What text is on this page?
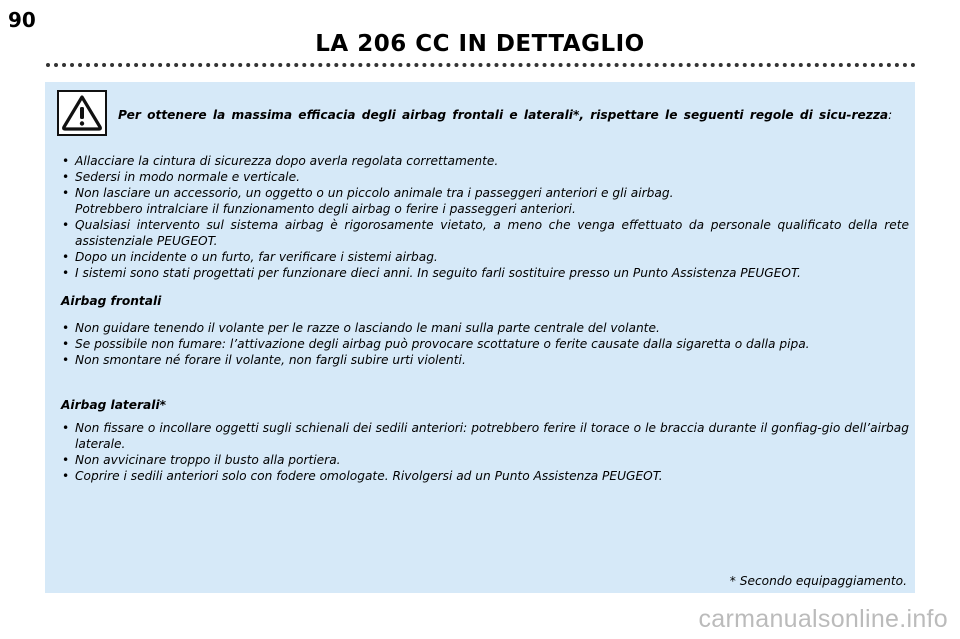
90
LA 206 CC IN DETTAGLIO
Per ottenere la massima efficacia degli airbag frontali e laterali*, rispettare le seguenti regole di sicu-rezza:
• Allacciare la cintura di sicurezza dopo averla regolata correttamente.
• Sedersi in modo normale e verticale.
• Non lasciare un accessorio, un oggetto o un piccolo animale tra i passeggeri anteriori e gli airbag.
Potrebbero intralciare il funzionamento degli airbag o ferire i passeggeri anteriori.
• Qualsiasi intervento sul sistema airbag è rigorosamente vietato, a meno che venga effettuato da personale qualificato della rete assistenziale PEUGEOT.
• Dopo un incidente o un furto, far verificare i sistemi airbag.
• I sistemi sono stati progettati per funzionare dieci anni. In seguito farli sostituire presso un Punto Assistenza PEUGEOT.
Airbag frontali
• Non guidare tenendo il volante per le razze o lasciando le mani sulla parte centrale del volante.
• Se possibile non fumare: l’attivazione degli airbag può provocare scottature o ferite causate dalla sigaretta o dalla pipa.
• Non smontare né forare il volante, non fargli subire urti violenti.
Airbag laterali*
• Non fissare o incollare oggetti sugli schienali dei sedili anteriori: potrebbero ferire il torace o le braccia durante il gonfiag-gio dell’airbag laterale.
• Non avvicinare troppo il busto alla portiera.
• Coprire i sedili anteriori solo con fodere omologate. Rivolgersi ad un Punto Assistenza PEUGEOT.
* Secondo equipaggiamento.
carmanualsonline.info
